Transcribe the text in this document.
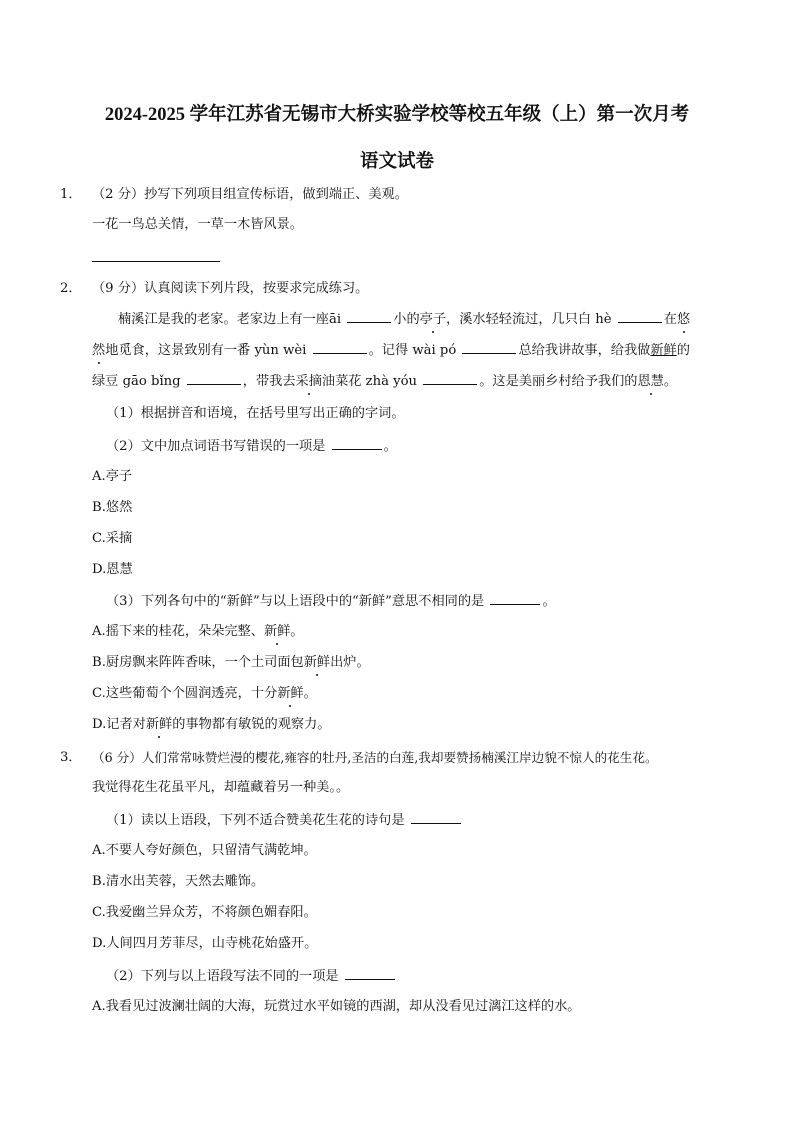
2024-2025 学年江苏省无锡市大桥实验学校等校五年级（上）第一次月考
语文试卷
1． （2 分）抄写下列项目组宣传标语，做到端正、美观。
一花一鸟总关情，一草一木皆风景。
2． （9 分）认真阅读下列片段，按要求完成练习。
楠溪江是我的老家。老家边上有一座āi	小的亭子，溪水轻轻流过，几只白 hè	在悠
然地觅食，这景致别有一番 yùn wèi	。记得 wài pó	总给我讲故事，给我做新鲜的
绿豆 gāo bǐng	，带我去采摘油菜花 zhà yóu	。这是美丽乡村给予我们的恩慧。
（1）根据拼音和语境，在括号里写出正确的字词。
（2）文中加点词语书写错误的一项是	。
A.亭子
B.悠然
C.采摘
D.恩慧
（3）下列各句中的“新鲜”与以上语段中的“新鲜”意思不相同的是	。
A.摇下来的桂花，朵朵完整、新鲜。
B.厨房飘来阵阵香味，一个土司面包新鲜出炉。
C.这些葡萄个个圆润透亮，十分新鲜。
D.记者对新鲜的事物都有敏锐的观察力。
3． （6 分）人们常常咏赞烂漫的樱花,雍容的牡丹,圣洁的白莲,我却要赞扬楠溪江岸边貌不惊人的花生花。
我觉得花生花虽平凡，却蕴藏着另一种美。。
（1）读以上语段，下列不适合赞美花生花的诗句是
A.不要人夸好颜色，只留清气满乾坤。
B.清水出芙蓉，天然去雕饰。
C.我爱幽兰异众芳，不将颜色媚春阳。
D.人间四月芳菲尽，山寺桃花始盛开。
（2）下列与以上语段写法不同的一项是
A.我看见过波澜壮阔的大海，玩赏过水平如镜的西湖，却从没看见过漓江这样的水。
